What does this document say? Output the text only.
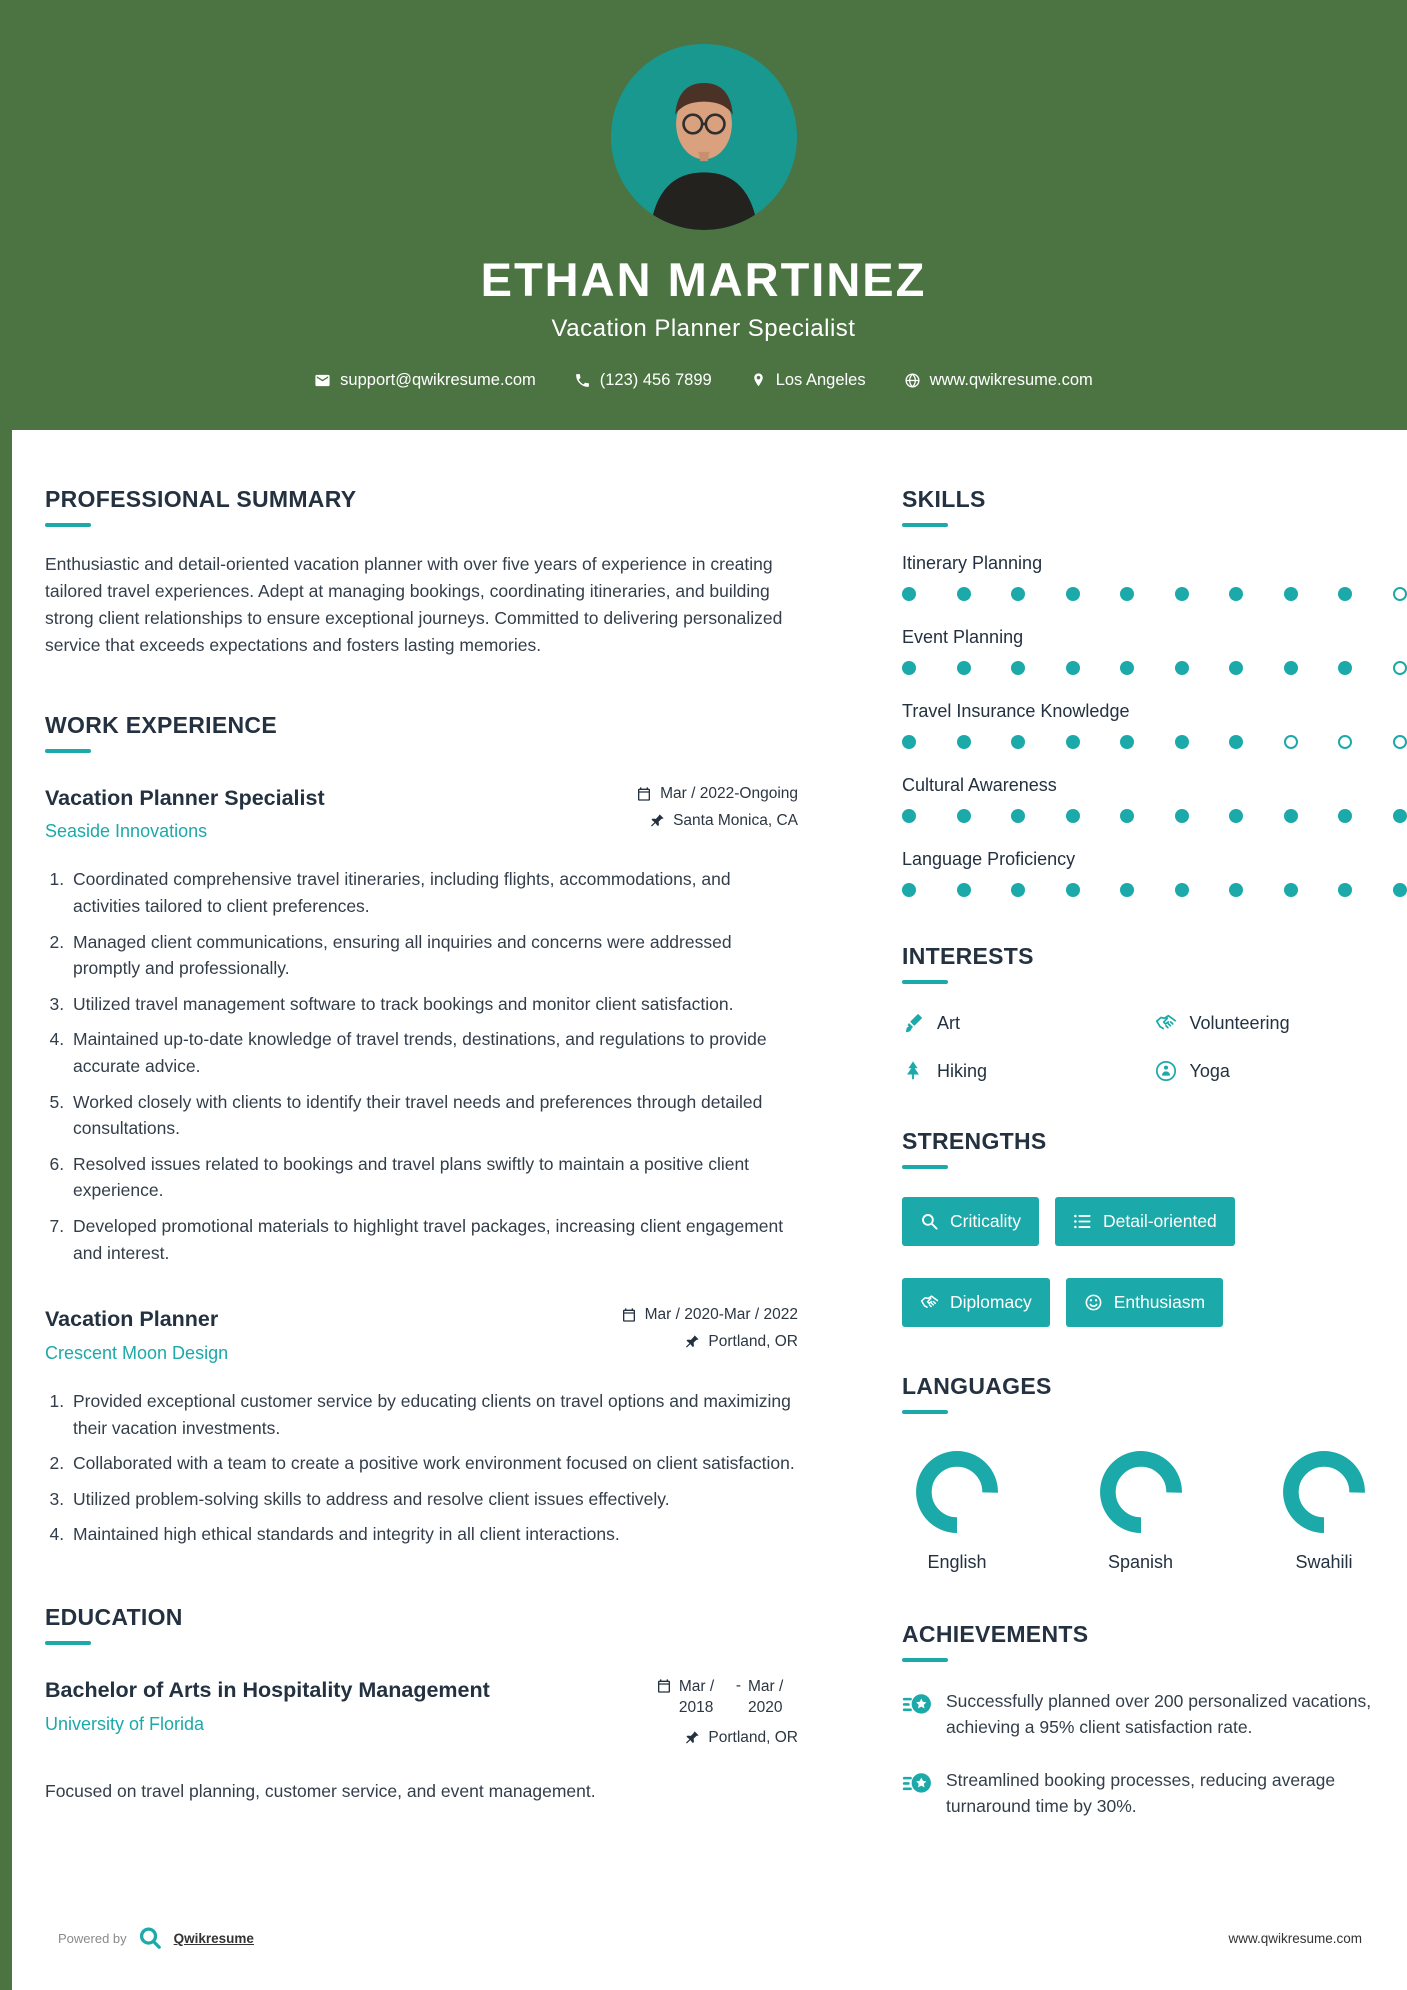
ETHAN MARTINEZ
Vacation Planner Specialist
support@qwikresume.com	(123) 456 7899	Los Angeles	www.qwikresume.com
PROFESSIONAL SUMMARY

Enthusiastic and detail-oriented vacation planner with over five years of experience in creating tailored travel experiences. Adept at managing bookings, coordinating itineraries, and building strong client relationships to ensure exceptional journeys. Committed to delivering personalized service that exceeds expectations and fosters lasting memories.

WORK EXPERIENCE
Vacation Planner Specialist
Seaside Innovations
Mar / 2022-Ongoing
Santa Monica, CA
1. Coordinated comprehensive travel itineraries, including flights, accommodations, and activities tailored to client preferences.
2. Managed client communications, ensuring all inquiries and concerns were addressed promptly and professionally.
3. Utilized travel management software to track bookings and monitor client satisfaction.
4. Maintained up-to-date knowledge of travel trends, destinations, and regulations to provide accurate advice.
5. Worked closely with clients to identify their travel needs and preferences through detailed consultations.
6. Resolved issues related to bookings and travel plans swiftly to maintain a positive client experience.
7. Developed promotional materials to highlight travel packages, increasing client engagement and interest.
Vacation Planner
Crescent Moon Design
Mar / 2020-Mar / 2022
Portland, OR
1. Provided exceptional customer service by educating clients on travel options and maximizing their vacation investments.
2. Collaborated with a team to create a positive work environment focused on client satisfaction.
3. Utilized problem-solving skills to address and resolve client issues effectively.
4. Maintained high ethical standards and integrity in all client interactions.
EDUCATION
Bachelor of Arts in Hospitality Management
University of Florida
Mar / 2018
- Mar / 2020
Portland, OR

Focused on travel planning, customer service, and event management.

SKILLS
Itinerary Planning
Event Planning
Travel Insurance Knowledge
Cultural Awareness
Language Proficiency
INTERESTS
Art	Volunteering
Hiking	Yoga
STRENGTHS
Criticality	Detail-oriented
Diplomacy	Enthusiasm
LANGUAGES
English	Spanish	Swahili
ACHIEVEMENTS
Successfully planned over 200 personalized vacations, achieving a 95% client satisfaction rate.
Streamlined booking processes, reducing average turnaround time by 30%.
Powered by	Qwikresume	www.qwikresume.com
